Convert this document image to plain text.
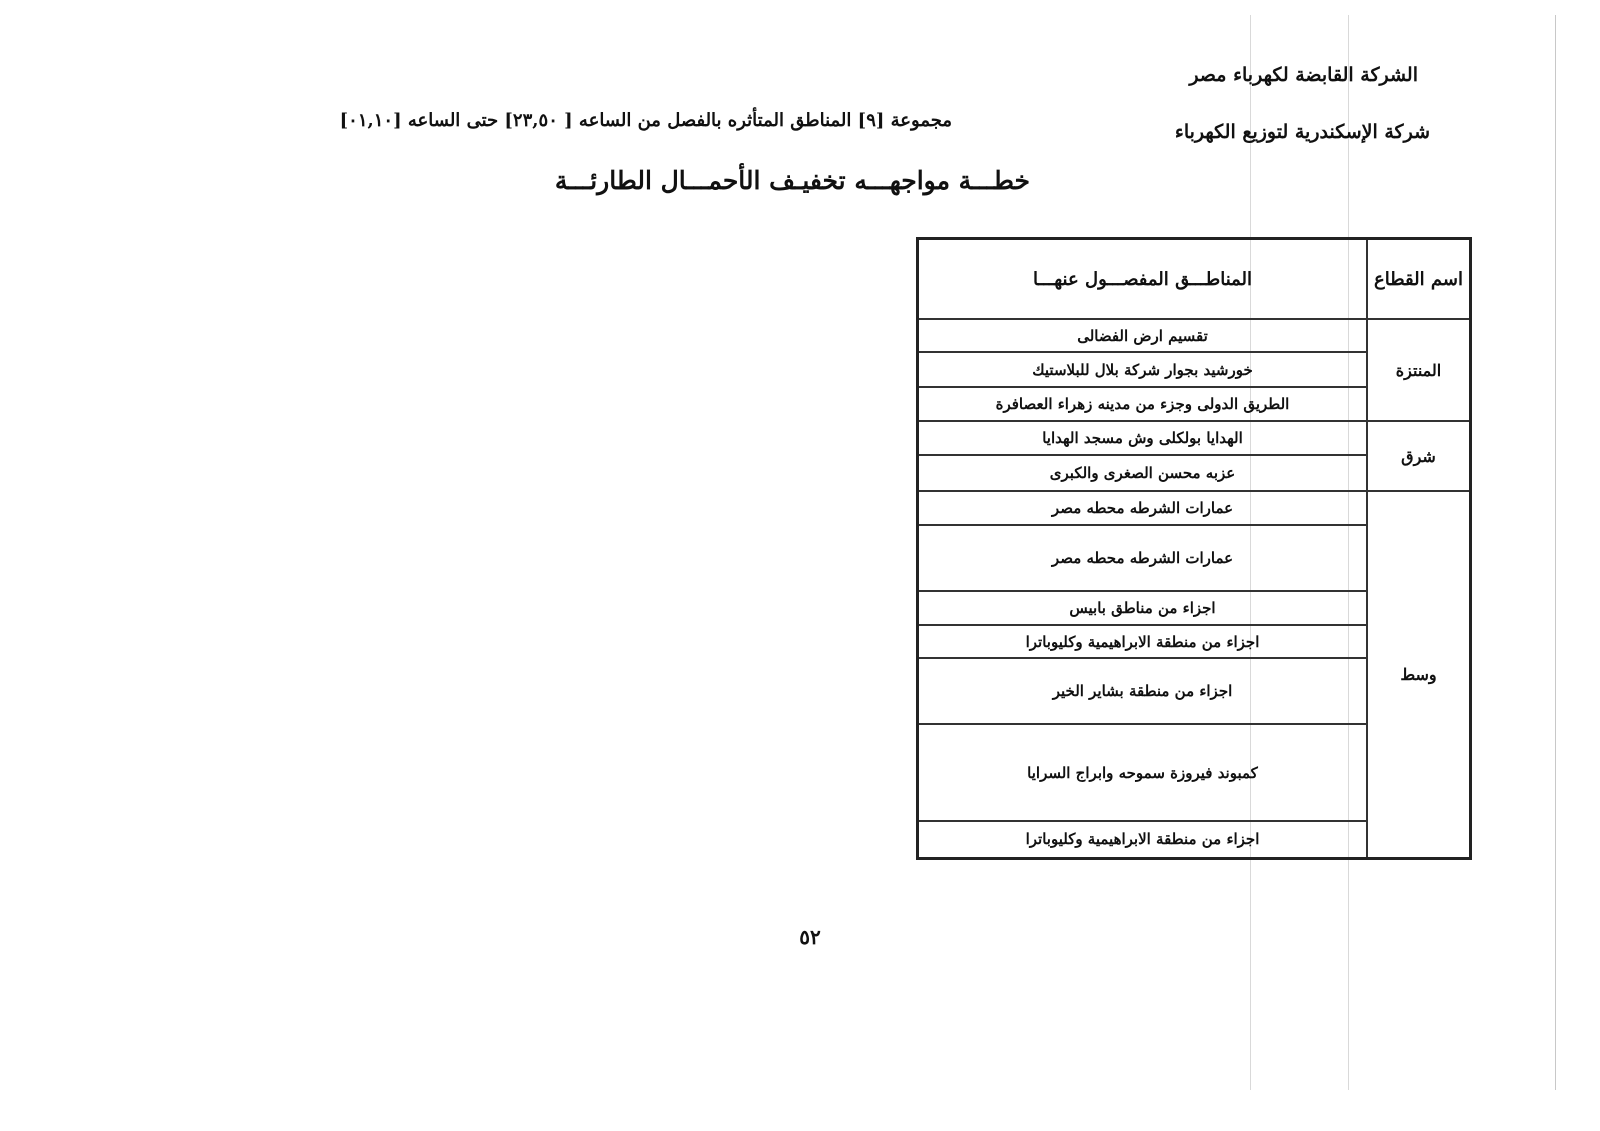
الشركة القابضة لكهرباء مصر
شركة الإسكندرية لتوزيع الكهرباء
مجموعة [٩] المناطق المتأثره بالفصل من الساعه [ ٢٣,٥٠] حتى الساعه [٠١,١٠]
خطـــة مواجهـــه تخفيـف الأحمـــال الطارئـــة
اسم القطاع	المناطـــق المفصـــول عنهـــا
المنتزة	تقسيم ارض الفضالى
	خورشيد بجوار شركة بلال للبلاستيك
	الطريق الدولى وجزء من مدينه زهراء العصافرة
شرق	الهدايا بولكلى وش مسجد الهدايا
	عزبه محسن الصغرى والكبرى
وسط	عمارات الشرطه محطه مصر
	عمارات الشرطه محطه مصر
	اجزاء من مناطق بابيس
	اجزاء من منطقة الابراهيمية وكليوباترا
	اجزاء من منطقة بشاير الخير
	كمبوند فيروزة سموحه وابراج السرايا
	اجزاء من منطقة الابراهيمية وكليوباترا
٥٢
